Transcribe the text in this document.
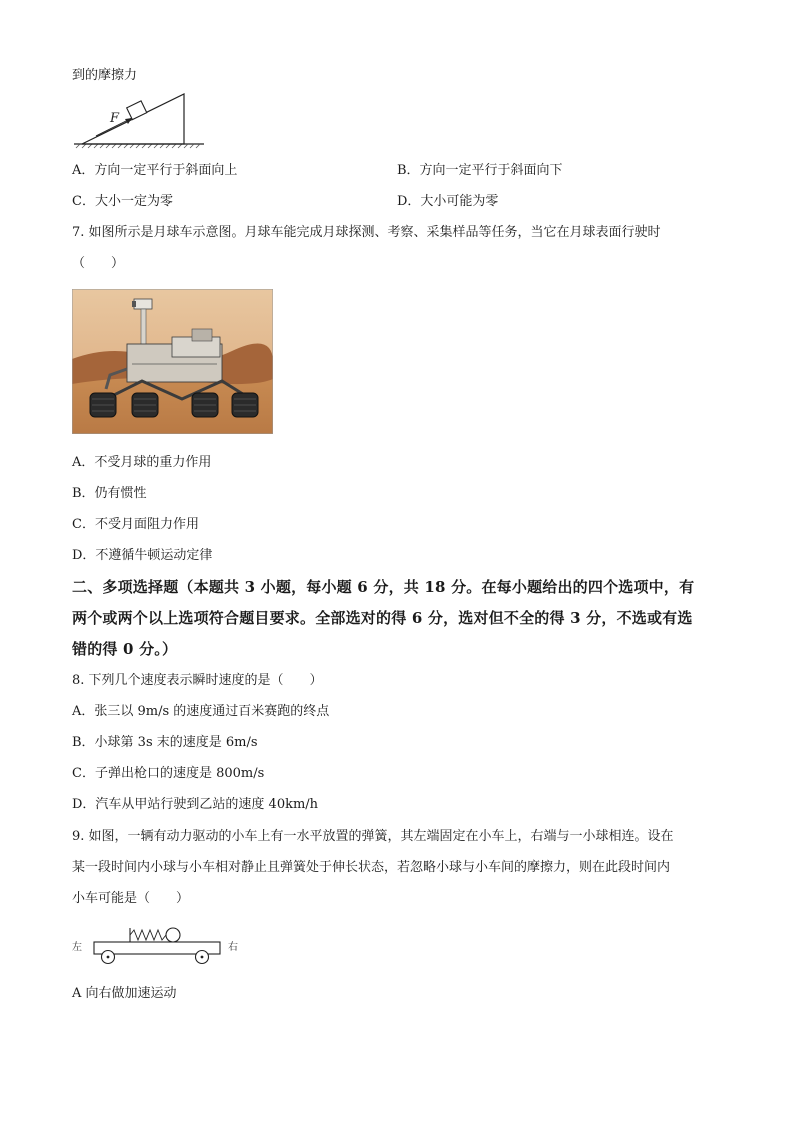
到的摩擦力
F
A．方向一定平行于斜面向上	B．方向一定平行于斜面向下
C．大小一定为零	D．大小可能为零
7. 如图所示是月球车示意图。月球车能完成月球探测、考察、采集样品等任务，当它在月球表面行驶时
（　　）
A．不受月球的重力作用
B．仍有惯性
C．不受月面阻力作用
D．不遵循牛顿运动定律
二、多项选择题（本题共 3 小题，每小题 6 分，共 18 分。在每小题给出的四个选项中，有
两个或两个以上选项符合题目要求。全部选对的得 6 分，选对但不全的得 3 分，不选或有选
错的得 0 分。）
8. 下列几个速度表示瞬时速度的是（　　）
A．张三以 9m/s 的速度通过百米赛跑的终点
B．小球第 3s 末的速度是 6m/s
C．子弹出枪口的速度是 800m/s
D．汽车从甲站行驶到乙站的速度 40km/h
9. 如图，一辆有动力驱动的小车上有一水平放置的弹簧，其左端固定在小车上，右端与一小球相连。设在
某一段时间内小球与小车相对静止且弹簧处于伸长状态，若忽略小球与小车间的摩擦力，则在此段时间内
小车可能是（　　）
左	右
A 向右做加速运动
